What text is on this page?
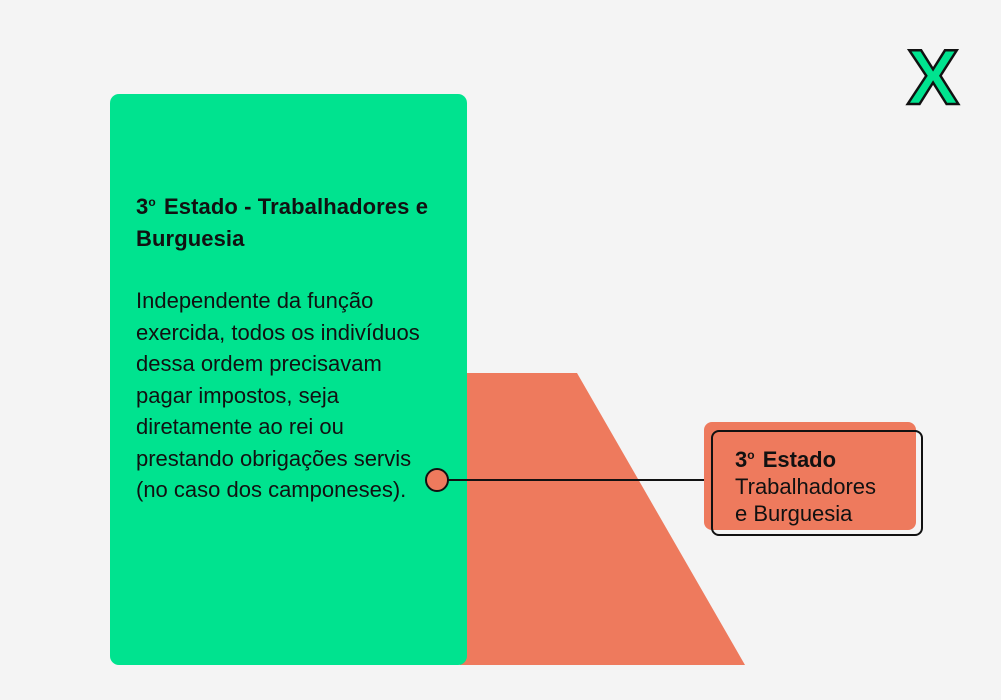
3$^o$ Estado - Trabalhadores e Burguesia

Independente da função exercida, todos os indivíduos dessa ordem precisavam pagar impostos, seja diretamente ao rei ou prestando obrigações servis (no caso dos camponeses).

3$^o$ Estado
Trabalhadores
e Burguesia
X
